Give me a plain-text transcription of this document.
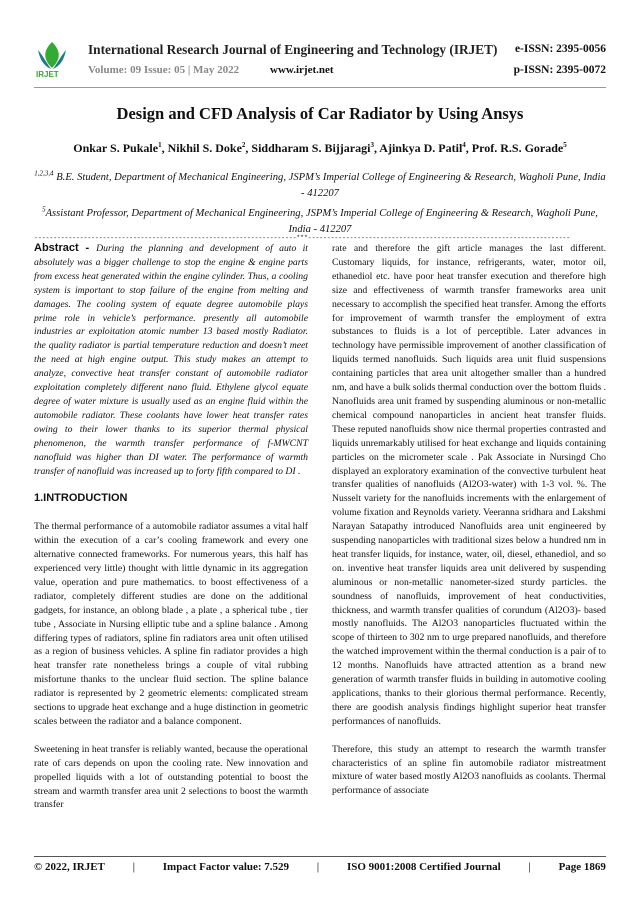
IRJET
International Research Journal of Engineering and Technology (IRJET) e-ISSN: 2395-0056
Volume: 09 Issue: 05 | May 2022	www.irjet.net	p-ISSN: 2395-0072
Design and CFD Analysis of Car Radiator by Using Ansys
Onkar S. Pukale$^1$, Nikhil S. Doke$^2$, Siddharam S. Bijjaragi$^3$, Ajinkya D. Patil$^4$, Prof. R.S. Gorade$^5$
$^{1,2,3,4}$ B.E. Student, Department of Mechanical Engineering, JSPM’s Imperial College of Engineering & Research, Wagholi Pune, India - 412207
$^5$Assistant Professor, Department of Mechanical Engineering, JSPM’s Imperial College of Engineering & Research, Wagholi Pune, India - 412207
---------------------------------------------------------------------***---------------------------------------------------------------------

Abstract - During the planning and development of auto it absolutely was a bigger challenge to stop the engine & engine parts from excess heat generated within the engine cylinder. Thus, a cooling system is important to stop failure of the engine from melting and damages. The cooling system of equate degree automobile plays prime role in vehicle’s performance. presently all automobile industries ar exploitation atomic number 13 based mostly Radiator. the quality radiator is partial temperature reduction and doesn’t meet the need at high engine output. This study makes an attempt to analyze, convective heat transfer constant of automobile radiator exploitation completely different nano fluid. Ethylene glycol equate degree of water mixture is usually used as an engine fluid within the automobile radiator. These coolants have lower heat transfer rates owing to their lower thanks to its superior thermal physical phenomenon, the warmth transfer performance of f-MWCNT nanofluid was higher than DI water. The performance of warmth transfer of nanofluid was increased up to forty fifth compared to DI .

1.INTRODUCTION

The thermal performance of a automobile radiator assumes a vital half within the execution of a car’s cooling framework and every one alternative connected frameworks. For numerous years, this half has experienced very little) thought with little dynamic in its aggregation value, operation and pure mathematics. to boost effectiveness of a radiator, completely different studies are done on the additional gadgets, for instance, an oblong blade , a plate , a spherical tube , tier tube , Associate in Nursing elliptic tube and a spline balance . Among differing types of radiators, spline fin radiators area unit often utilised as a region of business vehicles. A spline fin radiator provides a high heat transfer rate nonetheless brings a couple of vital rubbing misfortune thanks to the unclear fluid section. The spline balance radiator is represented by 2 geometric elements: complicated stream sections to upgrade heat exchange and a huge distinction in geometric scales between the radiator and a balance component.

Sweetening in heat transfer is reliably wanted, because the operational rate of cars depends on upon the cooling rate. New innovation and propelled liquids with a lot of outstanding potential to boost the stream and warmth transfer area unit 2 selections to boost the warmth transfer

rate and therefore the gift article manages the last different. Customary liquids, for instance, refrigerants, water, motor oil, ethanediol etc. have poor heat transfer execution and therefore high size and effectiveness of warmth transfer frameworks area unit necessary to accomplish the specified heat transfer. Among the efforts for improvement of warmth transfer the employment of extra substances to fluids is a lot of perceptible. Later advances in technology have permissible improvement of another classification of liquids termed nanofluids. Such liquids area unit fluid suspensions containing particles that area unit altogether smaller than a hundred nm, and have a bulk solids thermal conduction over the bottom fluids . Nanofluids area unit framed by suspending aluminous or non-metallic chemical compound nanoparticles in ancient heat transfer fluids. These reputed nanofluids show nice thermal properties contrasted and liquids unremarkably utilised for heat exchange and liquids containing particles on the micrometer scale . Pak Associate in Nursingd Cho displayed an exploratory examination of the convective turbulent heat transfer qualities of nanofluids (Al2O3-water) with 1-3 vol. %. The Nusselt variety for the nanofluids increments with the enlargement of volume fixation and Reynolds variety. Veeranna sridhara and Lakshmi Narayan Satapathy introduced Nanofluids area unit engineered by suspending nanoparticles with traditional sizes below a hundred nm in heat transfer liquids, for instance, water, oil, diesel, ethanediol, and so on. inventive heat transfer liquids area unit delivered by suspending aluminous or non-metallic nanometer-sized sturdy particles. the soundness of nanofluids, improvement of heat conductivities, thickness, and warmth transfer qualities of corundum (Al2O3)- based mostly nanofluids. The Al2O3 nanoparticles fluctuated within the scope of thirteen to 302 nm to urge prepared nanofluids, and therefore the watched improvement within the thermal conduction is a pair of to 12 months. Nanofluids have attracted attention as a brand new generation of warmth transfer fluids in building in automotive cooling applications, thanks to their glorious thermal performance. Recently, there are goodish analysis findings highlight superior heat transfer performances of nanofluids.

Therefore, this study an attempt to research the warmth transfer characteristics of an spline fin automobile radiator mistreatment mixture of water based mostly Al2O3 nanofluids as coolants. Thermal performance of associate

© 2022, IRJET	|	Impact Factor value: 7.529	|	ISO 9001:2008 Certified Journal	|	Page 1869
